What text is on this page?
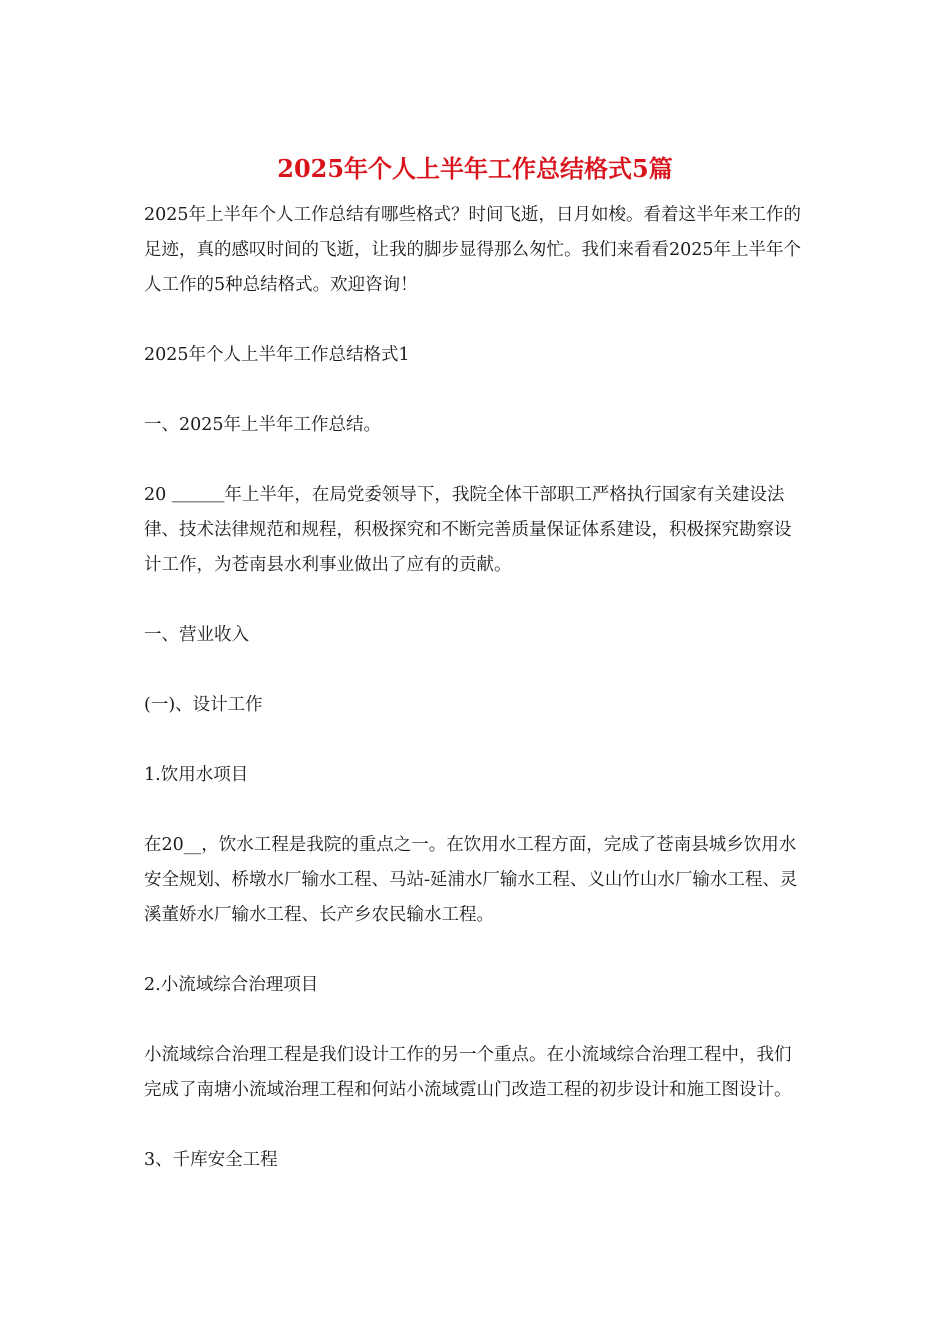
2025年个人上半年工作总结格式5篇

2025年上半年个人工作总结有哪些格式？时间飞逝，日月如梭。看着这半年来工作的足迹，真的感叹时间的飞逝，让我的脚步显得那么匆忙。我们来看看2025年上半年个人工作的5种总结格式。欢迎咨询！

2025年个人上半年工作总结格式1

一、2025年上半年工作总结。

20 ＿＿＿年上半年，在局党委领导下，我院全体干部职工严格执行国家有关建设法律、技术法律规范和规程，积极探究和不断完善质量保证体系建设，积极探究勘察设计工作，为苍南县水利事业做出了应有的贡献。

一、营业收入

(一)、设计工作

1.饮用水项目

在20__，饮水工程是我院的重点之一。在饮用水工程方面，完成了苍南县城乡饮用水安全规划、桥墩水厂输水工程、马站-延浦水厂输水工程、义山竹山水厂输水工程、灵溪董娇水厂输水工程、长产乡农民输水工程。

2.小流域综合治理项目

小流域综合治理工程是我们设计工作的另一个重点。在小流域综合治理工程中，我们完成了南塘小流域治理工程和何站小流域霓山门改造工程的初步设计和施工图设计。

3、千库安全工程
